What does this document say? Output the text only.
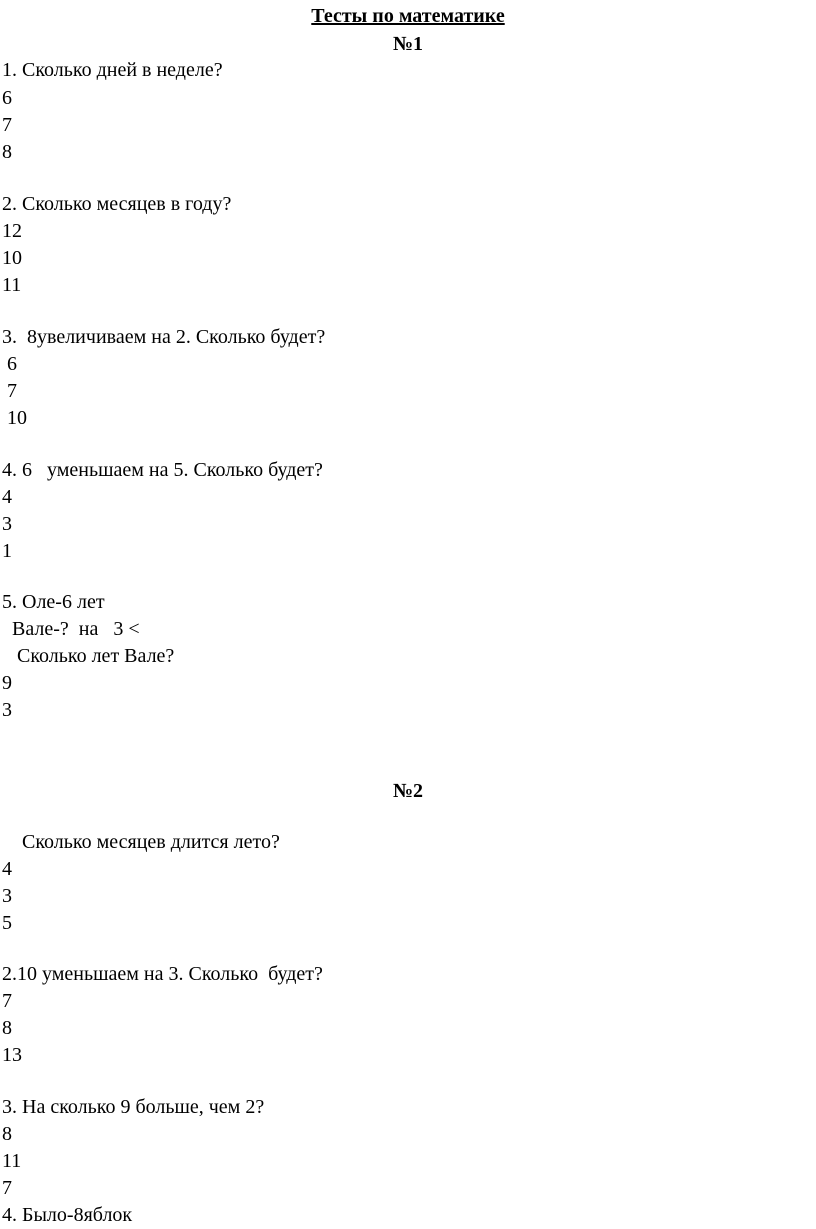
Тесты по математике
№1
1. Сколько дней в неделе?
6
7
8
2. Сколько месяцев в году?
12
10
11
3.  8увеличиваем на 2. Сколько будет?
6
7
10
4. 6   уменьшаем на 5. Сколько будет?
4
3
1
5. Оле-6 лет
Вале-?  на   3 <
Сколько лет Вале?
9
3
№2
Сколько месяцев длится лето?
4
3
5
2.10 уменьшаем на 3. Сколько  будет?
7
8
13
3. На сколько 9 больше, чем 2?
8
11
7
4. Было-8яблок
